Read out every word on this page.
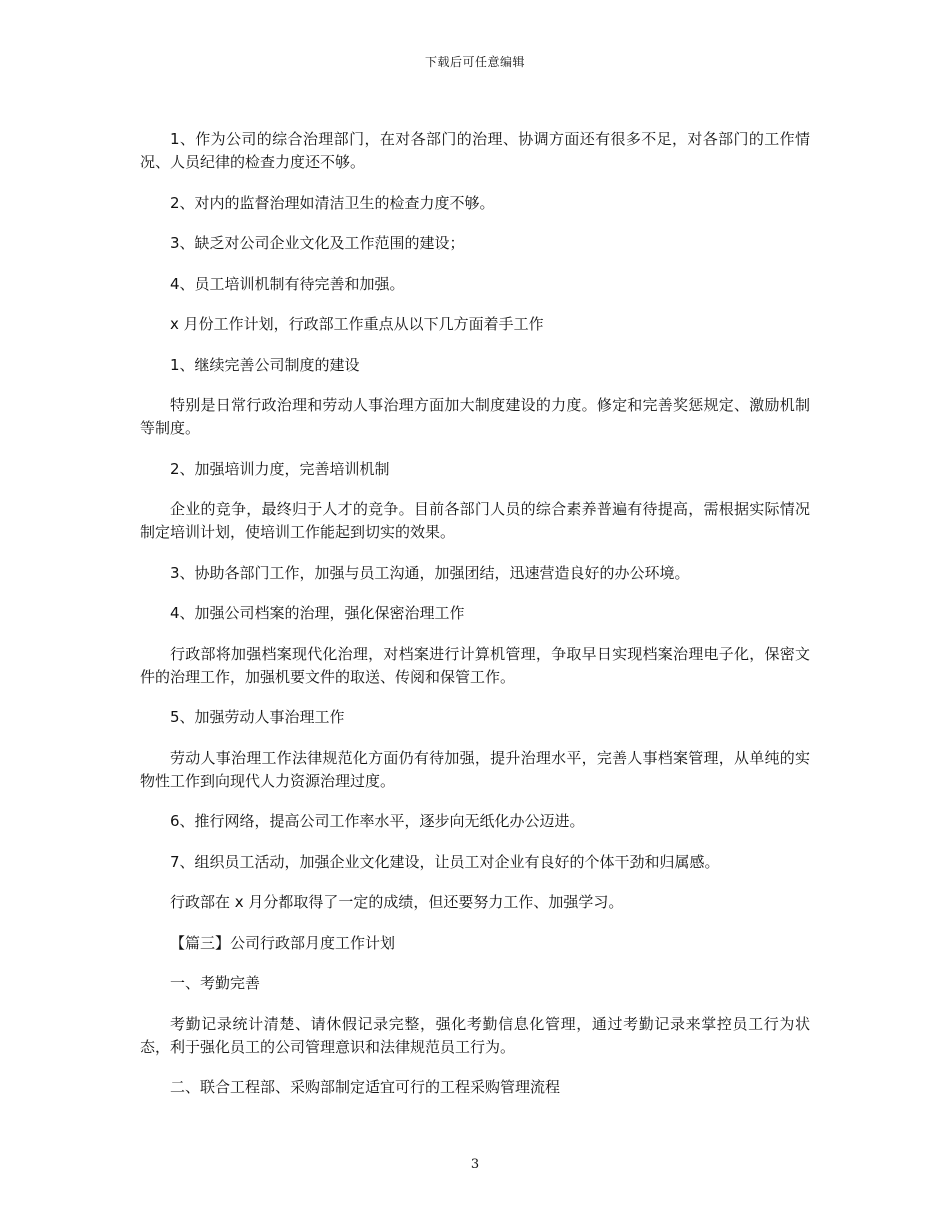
下载后可任意编辑

1、作为公司的综合治理部门，在对各部门的治理、协调方面还有很多不足，对各部门的工作情况、人员纪律的检查力度还不够。

2、对内的监督治理如清洁卫生的检查力度不够。

3、缺乏对公司企业文化及工作范围的建设；

4、员工培训机制有待完善和加强。

x 月份工作计划，行政部工作重点从以下几方面着手工作

1、继续完善公司制度的建设

特别是日常行政治理和劳动人事治理方面加大制度建设的力度。修定和完善奖惩规定、激励机制等制度。

2、加强培训力度，完善培训机制

企业的竞争，最终归于人才的竞争。目前各部门人员的综合素养普遍有待提高，需根据实际情况制定培训计划，使培训工作能起到切实的效果。

3、协助各部门工作，加强与员工沟通，加强团结，迅速营造良好的办公环境。

4、加强公司档案的治理，强化保密治理工作

行政部将加强档案现代化治理，对档案进行计算机管理，争取早日实现档案治理电子化，保密文件的治理工作，加强机要文件的取送、传阅和保管工作。

5、加强劳动人事治理工作

劳动人事治理工作法律规范化方面仍有待加强，提升治理水平，完善人事档案管理，从单纯的实物性工作到向现代人力资源治理过度。

6、推行网络，提高公司工作率水平，逐步向无纸化办公迈进。

7、组织员工活动，加强企业文化建设，让员工对企业有良好的个体干劲和归属感。

行政部在 x 月分都取得了一定的成绩，但还要努力工作、加强学习。

【篇三】公司行政部月度工作计划

一、考勤完善

考勤记录统计清楚、请休假记录完整，强化考勤信息化管理，通过考勤记录来掌控员工行为状态，利于强化员工的公司管理意识和法律规范员工行为。

二、联合工程部、采购部制定适宜可行的工程采购管理流程

3
